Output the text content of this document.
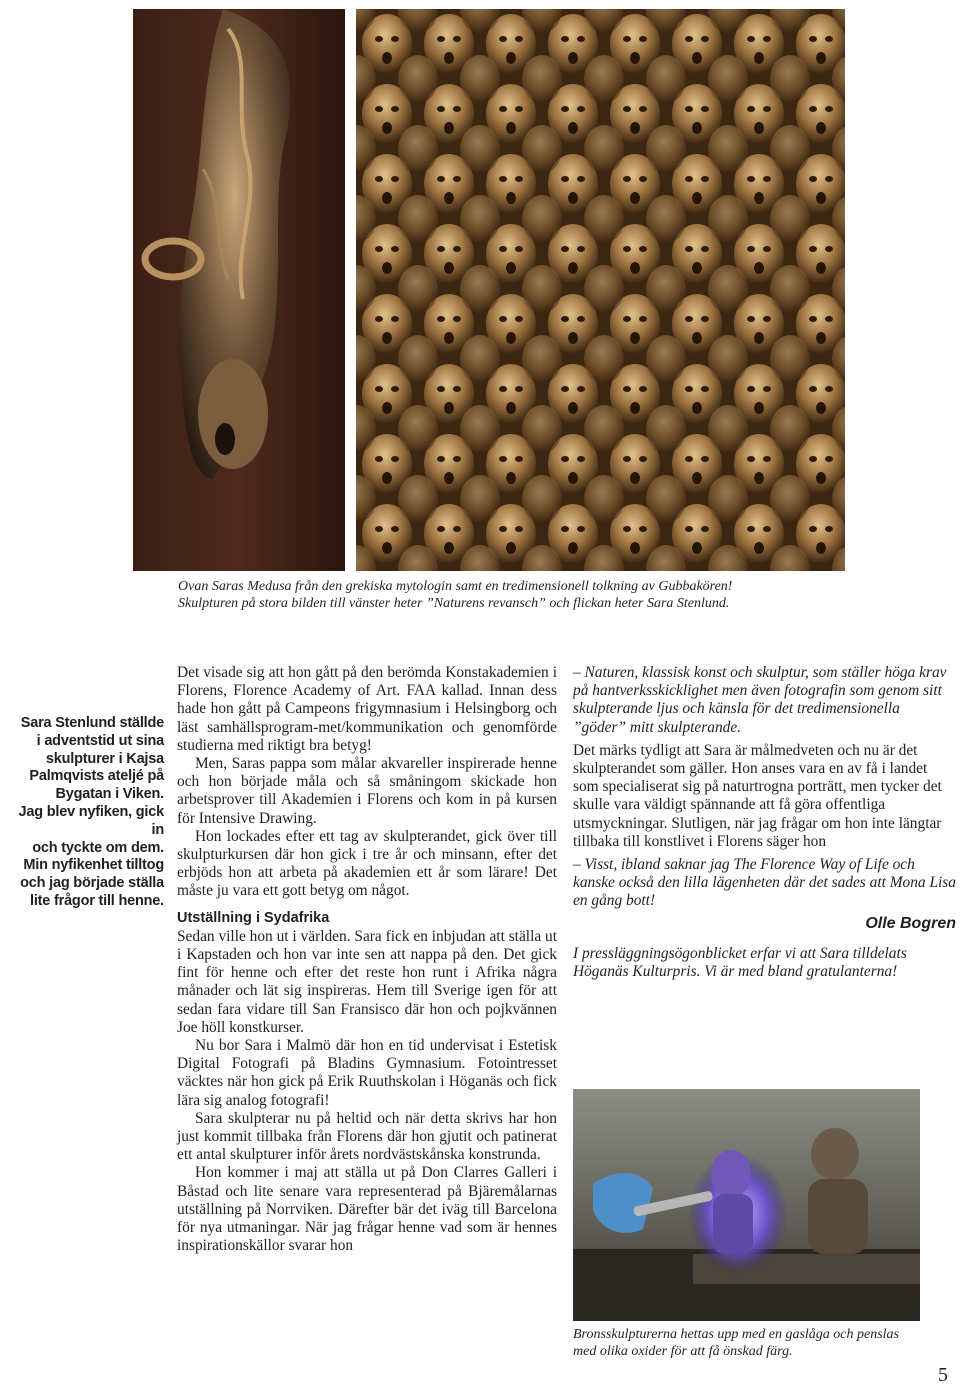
Ovan Saras Medusa från den grekiska mytologin samt en tredimensionell tolkning av Gubbakören!
Skulpturen på stora bilden till vänster heter ”Naturens revansch” och flickan heter Sara Stenlund.
Sara Stenlund ställde
i adventstid ut sina
skulpturer i Kajsa
Palmqvists ateljé på
Bygatan i Viken.
Jag blev nyfiken, gick in
och tyckte om dem.
Min nyfikenhet tilltog
och jag började ställa
lite frågor till henne.

Det visade sig att hon gått på den berömda Konstakademien i Florens, Florence Academy of Art. FAA kallad. Innan dess hade hon gått på Campeons frigymnasium i Helsingborg och läst samhällsprogram-met/kommunikation och genomförde studierna med riktigt bra betyg!

Men, Saras pappa som målar akvareller inspirerade henne och hon började måla och så småningom skickade hon arbetsprover till Akademien i Florens och kom in på kursen för Intensive Drawing.

Hon lockades efter ett tag av skulpterandet, gick över till skulpturkursen där hon gick i tre år och minsann, efter det erbjöds hon att arbeta på akademien ett år som lärare! Det måste ju vara ett gott betyg om något.

Utställning i Sydafrika

Sedan ville hon ut i världen. Sara fick en inbjudan att ställa ut i Kapstaden och hon var inte sen att nappa på den. Det gick fint för henne och efter det reste hon runt i Afrika några månader och lät sig inspireras. Hem till Sverige igen för att sedan fara vidare till San Fransisco där hon och pojkvännen Joe höll konstkurser.

Nu bor Sara i Malmö där hon en tid undervisat i Estetisk Digital Fotografi på Bladins Gymnasium. Fotointresset väcktes när hon gick på Erik Ruuthskolan i Höganäs och fick lära sig analog fotografi!

Sara skulpterar nu på heltid och när detta skrivs har hon just kommit tillbaka från Florens där hon gjutit och patinerat ett antal skulpturer inför årets nordvästskånska konstrunda.

Hon kommer i maj att ställa ut på Don Clarres Galleri i Båstad och lite senare vara representerad på Bjäremålarnas utställning på Norrviken. Därefter bär det iväg till Barcelona för nya utmaningar. När jag frågar henne vad som är hennes inspirationskällor svarar hon

– Naturen, klassisk konst och skulptur, som ställer höga krav på hantverksskicklighet men även fotografin som genom sitt skulpterande ljus och känsla för det tredimensionella ”göder” mitt skulpterande.

Det märks tydligt att Sara är målmedveten och nu är det skulpterandet som gäller. Hon anses vara en av få i landet som specialiserat sig på naturtrogna porträtt, men tycker det skulle vara väldigt spännande att få göra offentliga utsmyckningar. Slutligen, när jag frågar om hon inte längtar tillbaka till konstlivet i Florens säger hon

– Visst, ibland saknar jag The Florence Way of Life och kanske också den lilla lägenheten där det sades att Mona Lisa en gång bott!

Olle Bogren

I pressläggningsögonblicket erfar vi att Sara tilldelats Höganäs Kulturpris. Vi är med bland gratulanterna!

Bronsskulpturerna hettas upp med en gaslåga och penslas med olika oxider för att få önskad färg.
5
